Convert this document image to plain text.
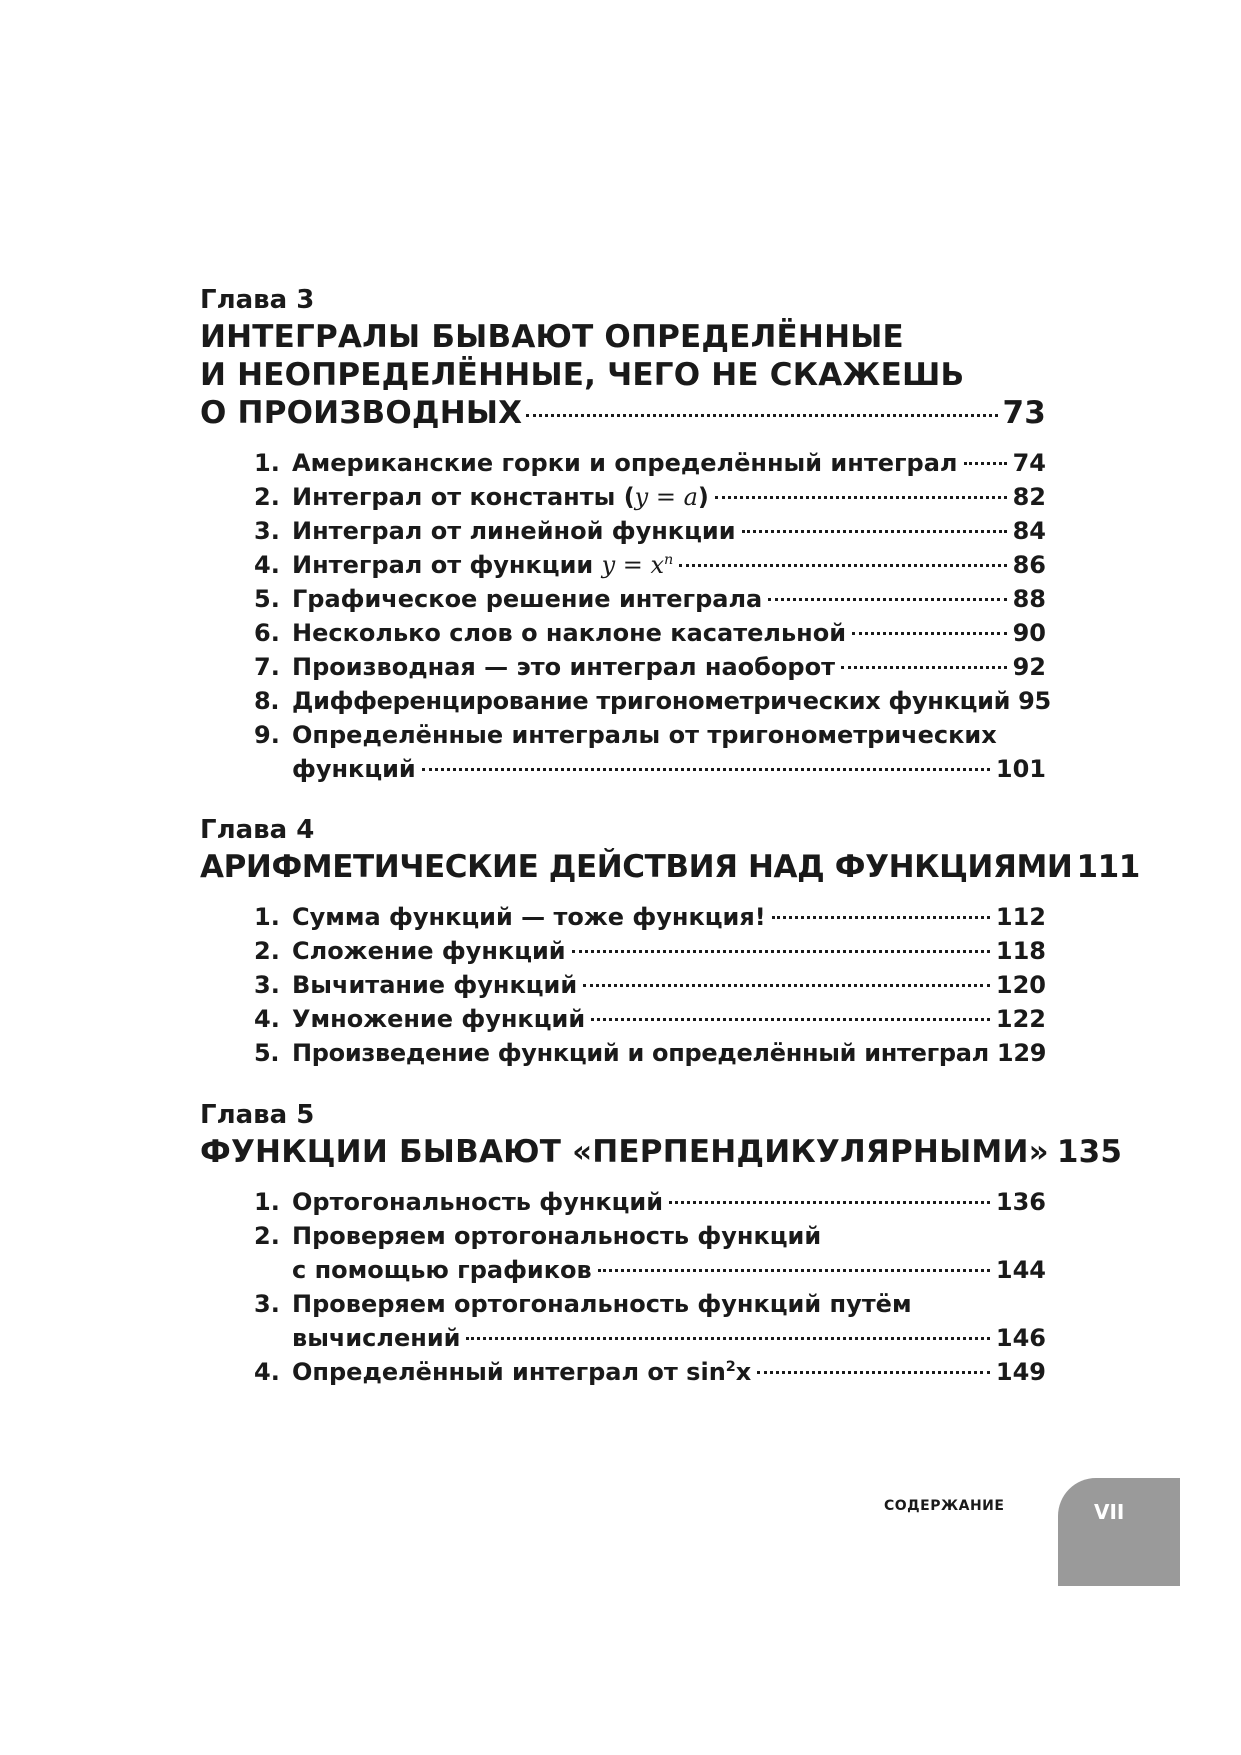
Глава 3
ИНТЕГРАЛЫ БЫВАЮТ ОПРЕДЕЛЁННЫЕ
И НЕОПРЕДЕЛЁННЫЕ, ЧЕГО НЕ СКАЖЕШЬ
О ПРОИЗВОДНЫХ	73
1. Американские горки и определённый интеграл 74
2. Интеграл от константы (y = a)	82
3. Интеграл от линейной функции	84
4. Интеграл от функции $y = x^n$	86
5. Графическое решение интеграла	88
6. Несколько слов о наклоне касательной	90
7. Производная — это интеграл наоборот	92
8. Дифференцирование тригонометрических функций 95
9. Определённые интегралы от тригонометрических
функций	101
Глава 4
АРИФМЕТИЧЕСКИЕ ДЕЙСТВИЯ НАД ФУНКЦИЯМИ 111
1. Сумма функций — тоже функция!	112
2. Сложение функций	118
3. Вычитание функций	120
4. Умножение функций	122
5. Произведение функций и определённый интеграл 129
Глава 5
ФУНКЦИИ БЫВАЮТ «ПЕРПЕНДИКУЛЯРНЫМИ» 135
1. Ортогональность функций	136
2. Проверяем ортогональность функций
с помощью графиков	144
3. Проверяем ортогональность функций путём
вычислений	146
4. Определённый интеграл от $\sin^2x$	149
СОДЕРЖАНИЕ	VII
